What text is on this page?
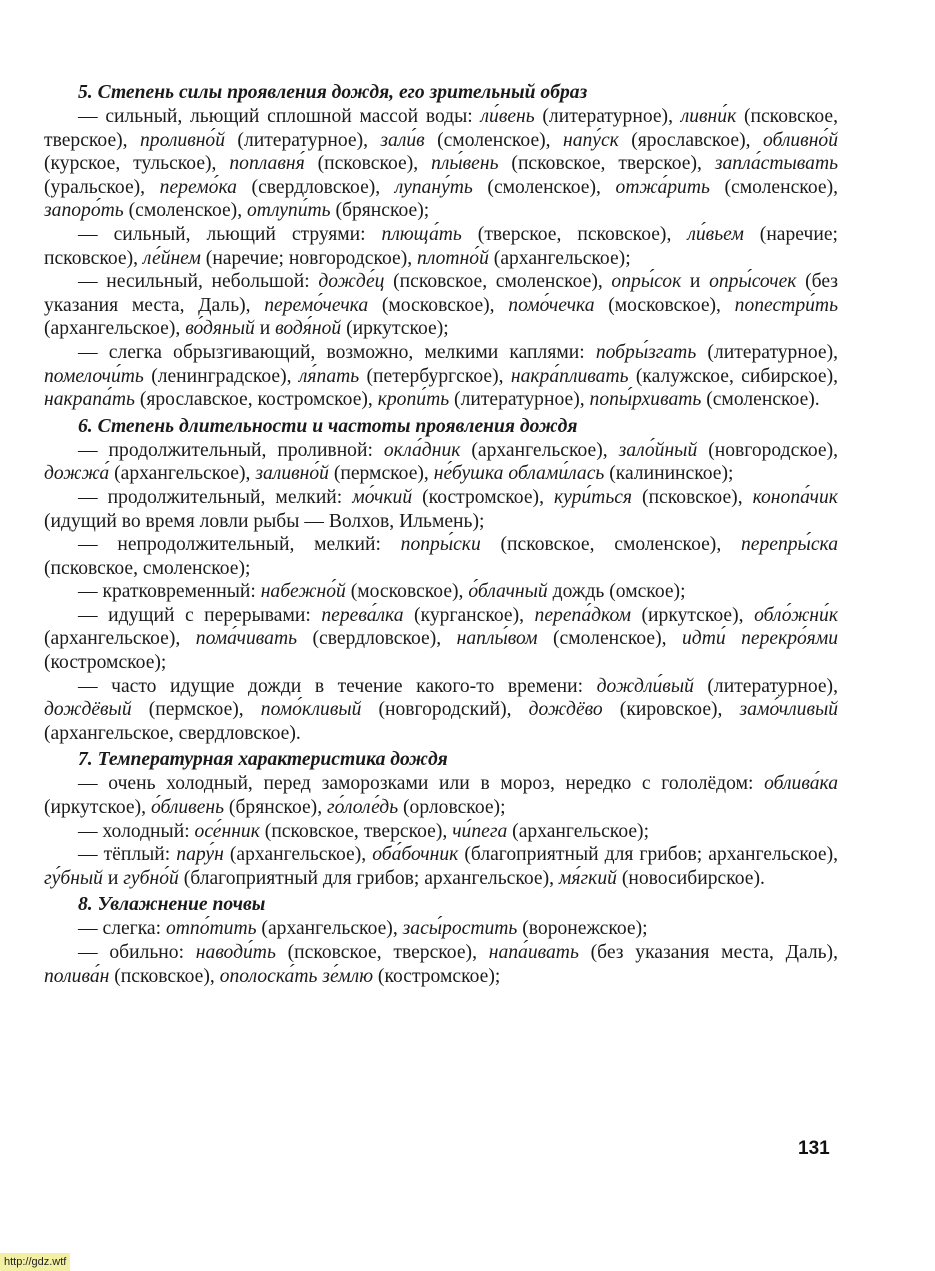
5. Степень силы проявления дождя, его зрительный образ

— сильный, льющий сплошной массой воды: ли́вень (литературное), ливни́к (псковское, тверское), проливно́й (литературное), зали́в (смоленское), напу́ск (ярославское), обливно́й (курское, тульское), поплавня́ (псковское), плы́вень (псковское, тверское), запла́стывать (уральское), перемо́ка (свердловское), лупану́ть (смоленское), отжа́рить (смоленское), запоро́ть (смоленское), отлупи́ть (брянское);

— сильный, льющий струями: плюща́ть (тверское, псковское), ли́вьем (наречие; псковское), ле́йнем (наречие; новгородское), плотно́й (архангельское);

— несильный, небольшой: дожде́ц (псковское, смоленское), опры́сок и опры́сочек (без указания места, Даль), перемо́чечка (московское), помо́чечка (московское), попестри́ть (архангельское), во́дяный и водя́ной (иркутское);

— слегка обрызгивающий, возможно, мелкими каплями: побры́згать (литературное), помелочи́ть (ленинградское), ля́пать (петербургское), накра́пливать (калужское, сибирское), накрапа́ть (ярославское, костромское), кропи́ть (литературное), попы́рхивать (смоленское).

6. Степень длительности и частоты проявления дождя

— продолжительный, проливной: окла́дник (архангельское), зало́йный (новгородское), дожжа́ (архангельское), заливно́й (пермское), не́бушка облами́лась (калининское);

— продолжительный, мелкий: мо́чкий (костромское), кури́ться (псковское), конопа́чик (идущий во время ловли рыбы — Волхов, Ильмень);

— непродолжительный, мелкий: попры́ски (псковское, смоленское), перепры́ска (псковское, смоленское);

— кратковременный: набежно́й (московское), о́блачный дождь (омское);

— идущий с перерывами: перева́лка (курганское), перепа́дком (иркутское), обло́жни́к (архангельское), пома́чивать (свердловское), наплы́вом (смоленское), идти́ перекро́ями (костромское);

— часто идущие дожди в течение какого-то времени: дождли́вый (литературное), дождёвый (пермское), помо́кливый (новгородский), дождёво (кировское), замо́чливый (архангельское, свердловское).

7. Температурная характеристика дождя

— очень холодный, перед заморозками или в мороз, нередко с гололёдом: облива́ка (иркутское), о́бливень (брянское), го́лоле́дь (орловское);

— холодный: осе́нник (псковское, тверское), чи́пега (архангельское);

— тёплый: пару́н (архангельское), оба́бочник (благоприятный для грибов; архангельское), гу́бный и губно́й (благоприятный для грибов; архангельское), мя́гкий (новосибирское).

8. Увлажнение почвы

— слегка: отпо́тить (архангельское), засы́ростить (воронежское);

— обильно: наводи́ть (псковское, тверское), напа́ивать (без указания места, Даль), полива́н (псковское), ополоска́ть зе́млю (костромское);

131
http://gdz.wtf
